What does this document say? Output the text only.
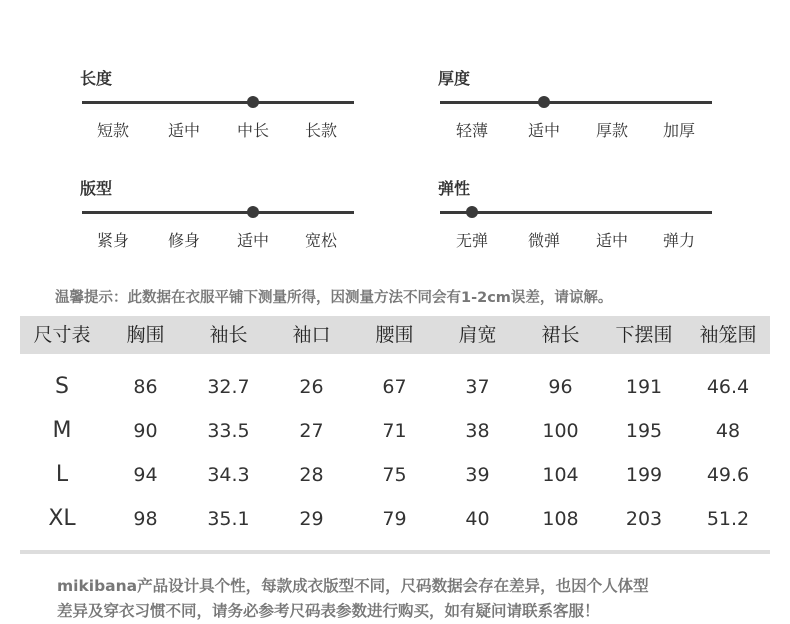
长度
短款 适中 中长 长款
厚度
轻薄 适中 厚款 加厚
版型
紧身 修身 适中 宽松
弹性
无弹 微弹 适中 弹力
温馨提示：此数据在衣服平铺下测量所得，因测量方法不同会有1-2cm误差，请谅解。
尺寸表	胸围	袖长	袖口	腰围	肩宽	裙长	下摆围	袖笼围
S	86	32.7	26	67	37	96	191	46.4
M	90	33.5	27	71	38	100	195	48
L	94	34.3	28	75	39	104	199	49.6
XL	98	35.1	29	79	40	108	203	51.2
mikibana产品设计具个性，每款成衣版型不同，尺码数据会存在差异，也因个人体型
差异及穿衣习惯不同，请务必参考尺码表参数进行购买，如有疑问请联系客服！
